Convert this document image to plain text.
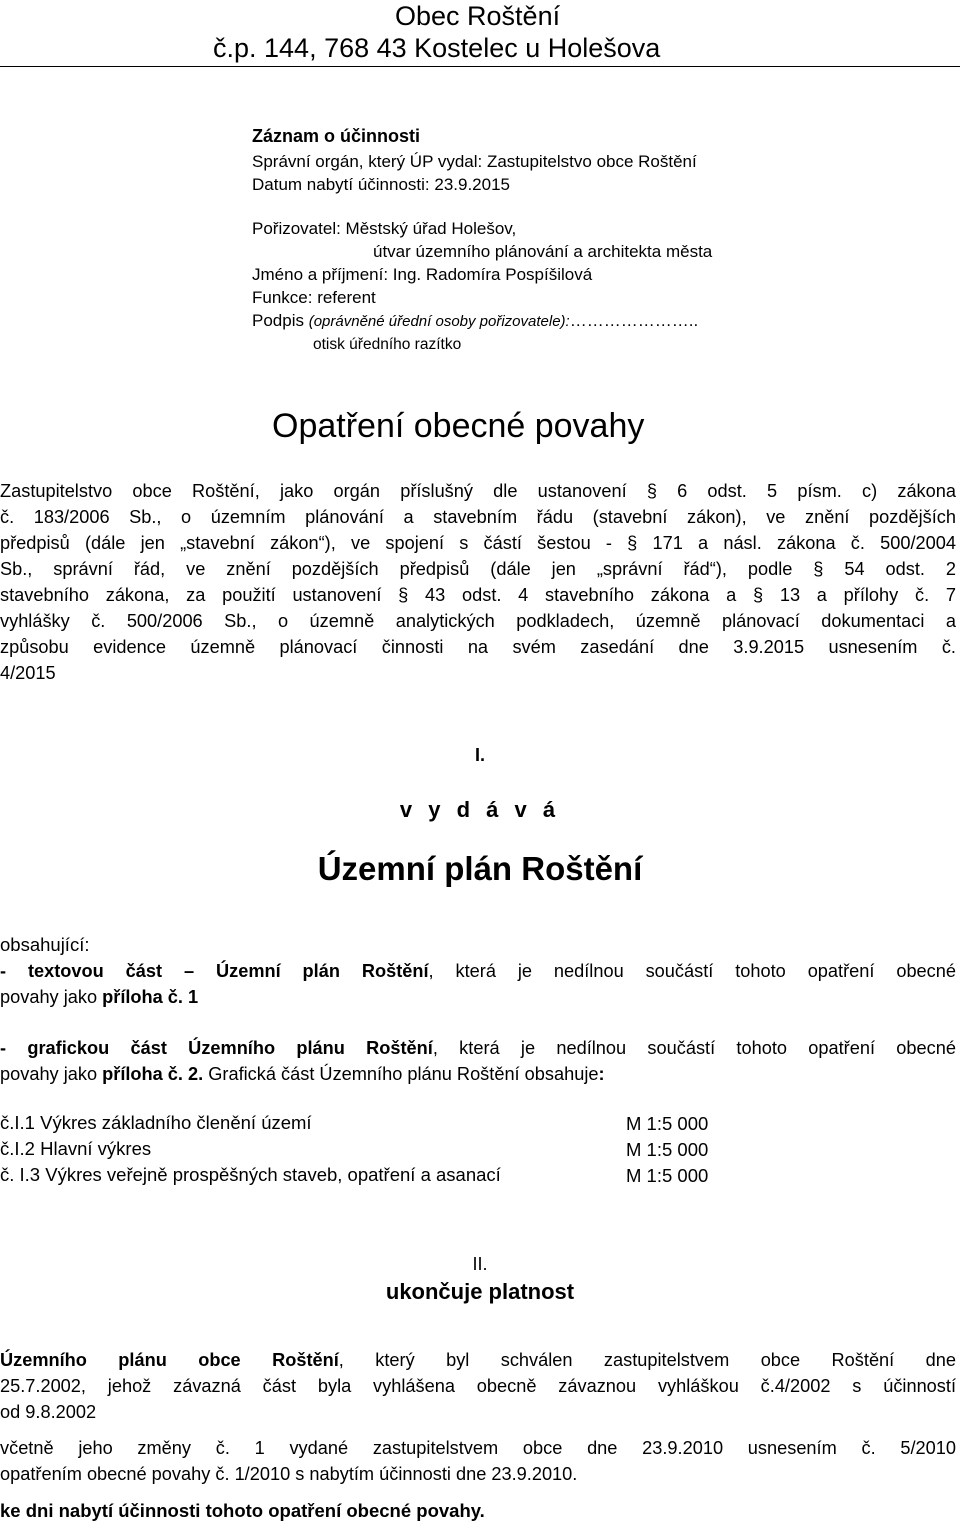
Obec Roštění
č.p. 144, 768 43 Kostelec u Holešova
Záznam o účinnosti
Správní orgán, který ÚP vydal: Zastupitelstvo obce Roštění
Datum nabytí účinnosti: 23.9.2015
Pořizovatel: Městský úřad Holešov,
útvar územního plánování a architekta města
Jméno a příjmení: Ing. Radomíra Pospíšilová
Funkce: referent
Podpis (oprávněné úřední osoby pořizovatele):…………………..
otisk úředního razítko
Opatření obecné povahy
Zastupitelstvo obce Roštění, jako orgán příslušný dle ustanovení § 6 odst. 5 písm. c) zákona
č. 183/2006 Sb., o územním plánování a stavebním řádu (stavební zákon), ve znění pozdějších
předpisů (dále jen „stavební zákon“), ve spojení s částí šestou - § 171 a násl. zákona č. 500/2004
Sb., správní řád, ve znění pozdějších předpisů (dále jen „správní řád“), podle § 54 odst. 2
stavebního zákona, za použití ustanovení § 43 odst. 4 stavebního zákona a § 13 a přílohy č. 7
vyhlášky č. 500/2006 Sb., o územně analytických podkladech, územně plánovací dokumentaci a
způsobu evidence územně plánovací činnosti na svém zasedání dne 3.9.2015 usnesením č.
4/2015
I.
v y d á v á
Územní plán Roštění
obsahující:
- textovou část – Územní plán Roštění, která je nedílnou součástí tohoto opatření obecné
povahy jako příloha č. 1
- grafickou část Územního plánu Roštění, která je nedílnou součástí tohoto opatření obecné
povahy jako příloha č. 2. Grafická část Územního plánu Roštění obsahuje:
č.I.1 Výkres základního členění území	M 1:5 000
č.I.2 Hlavní výkres	M 1:5 000
č. I.3 Výkres veřejně prospěšných staveb, opatření a asanací	M 1:5 000
II.
ukončuje platnost
Územního plánu obce Roštění, který byl schválen zastupitelstvem obce Roštění dne
25.7.2002, jehož závazná část byla vyhlášena obecně závaznou vyhláškou č.4/2002 s účinností
od 9.8.2002
včetně jeho změny č. 1 vydané zastupitelstvem obce dne 23.9.2010 usnesením č. 5/2010
opatřením obecné povahy č. 1/2010 s nabytím účinnosti dne 23.9.2010.
ke dni nabytí účinnosti tohoto opatření obecné povahy.
